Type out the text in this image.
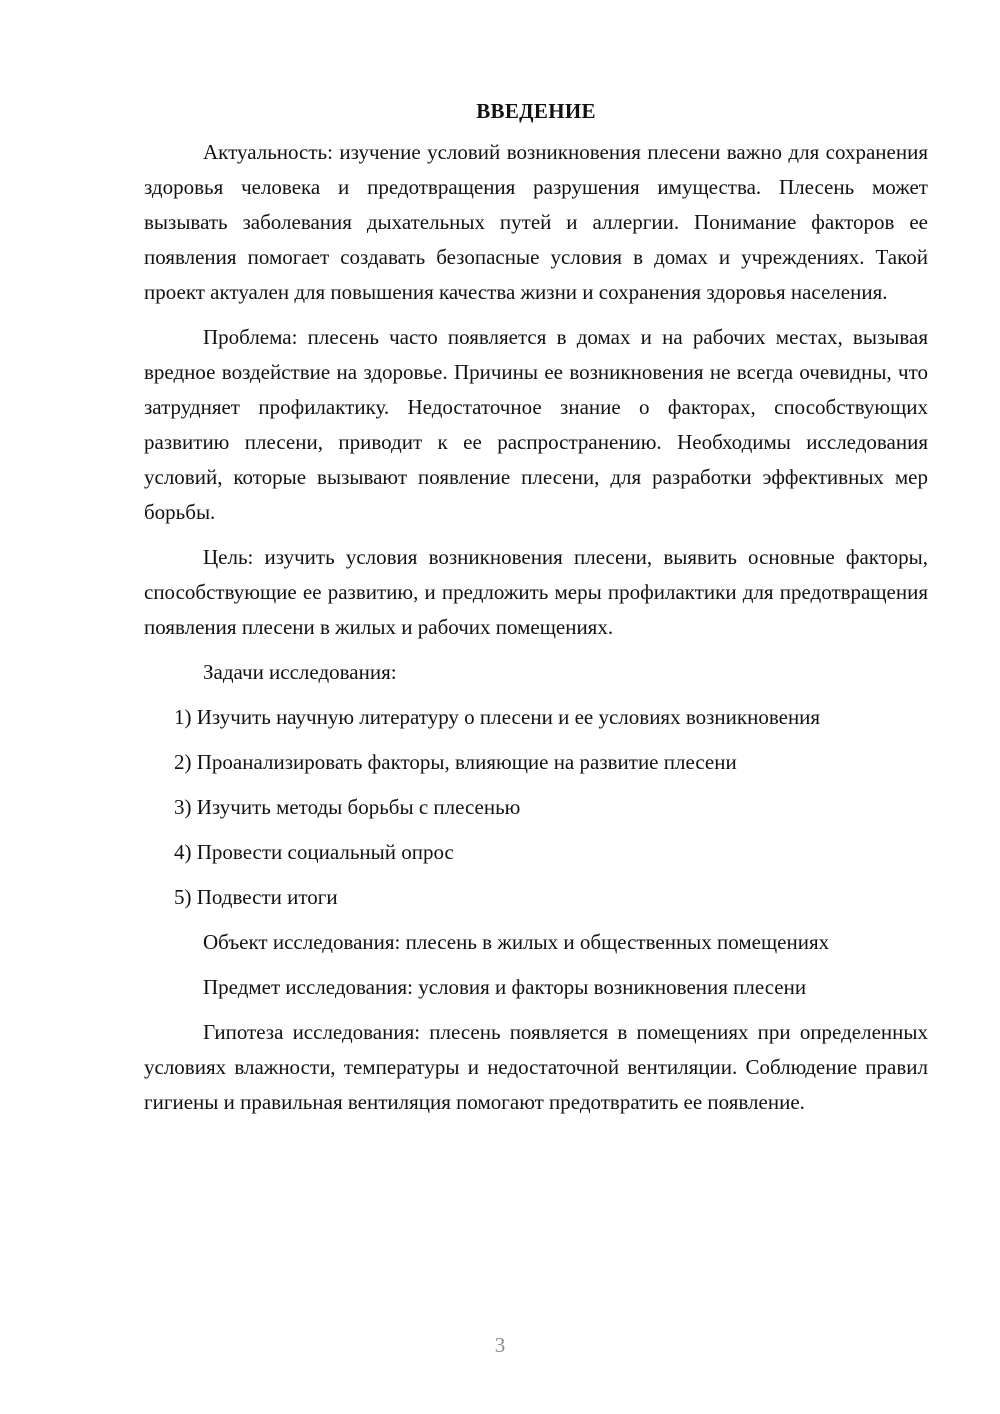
ВВЕДЕНИЕ

Актуальность: изучение условий возникновения плесени важно для сохранения здоровья человека и предотвращения разрушения имущества. Плесень может вызывать заболевания дыхательных путей и аллергии. Понимание факторов ее появления помогает создавать безопасные условия в домах и учреждениях. Такой проект актуален для повышения качества жизни и сохранения здоровья населения.

Проблема: плесень часто появляется в домах и на рабочих местах, вызывая вредное воздействие на здоровье. Причины ее возникновения не всегда очевидны, что затрудняет профилактику. Недостаточное знание о факторах, способствующих развитию плесени, приводит к ее распространению. Необходимы исследования условий, которые вызывают появление плесени, для разработки эффективных мер борьбы.

Цель: изучить условия возникновения плесени, выявить основные факторы, способствующие ее развитию, и предложить меры профилактики для предотвращения появления плесени в жилых и рабочих помещениях.

Задачи исследования:

1) Изучить научную литературу о плесени и ее условиях возникновения

2) Проанализировать факторы, влияющие на развитие плесени

3) Изучить методы борьбы с плесенью

4) Провести социальный опрос

5) Подвести итоги

Объект исследования: плесень в жилых и общественных помещениях

Предмет исследования: условия и факторы возникновения плесени

Гипотеза исследования: плесень появляется в помещениях при определенных условиях влажности, температуры и недостаточной вентиляции. Соблюдение правил гигиены и правильная вентиляция помогают предотвратить ее появление.

3
